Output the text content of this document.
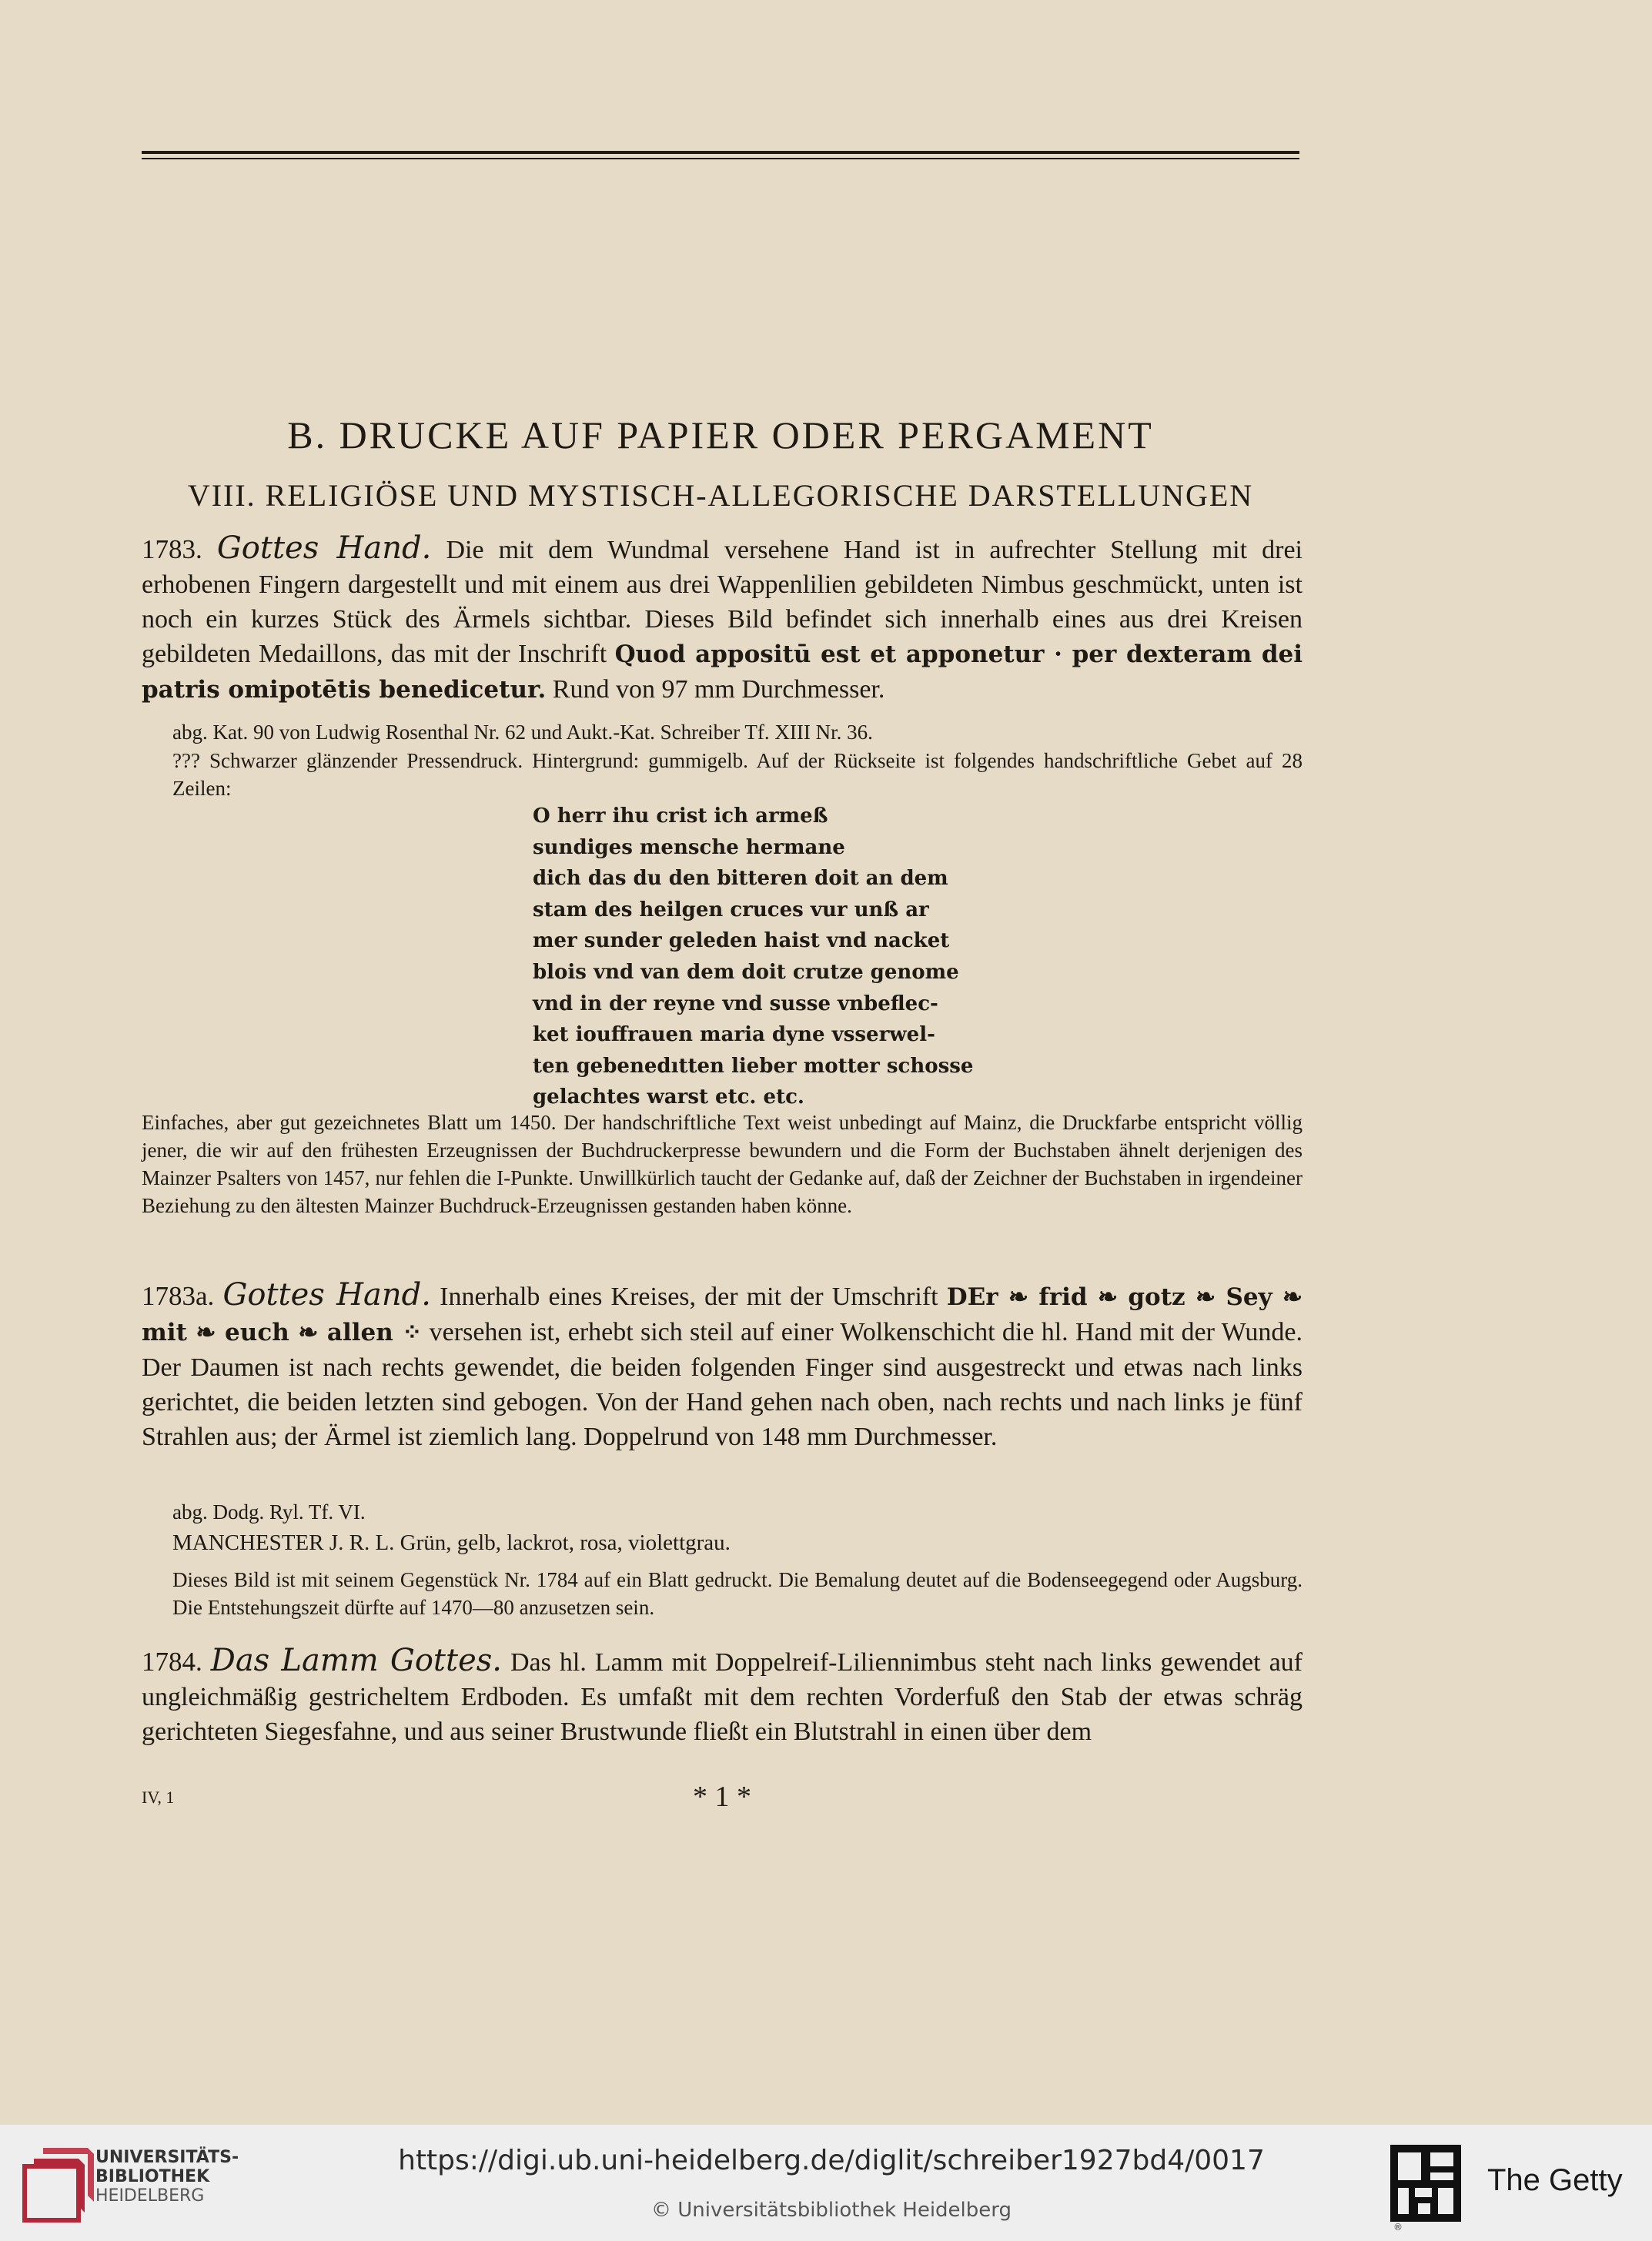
B. DRUCKE AUF PAPIER ODER PERGAMENT
VIII. RELIGIÖSE UND MYSTISCH-ALLEGORISCHE DARSTELLUNGEN
1783. Gottes Hand. Die mit dem Wundmal versehene Hand ist in aufrechter Stellung mit drei erhobenen Fingern dargestellt und mit einem aus drei Wappenlilien gebildeten Nimbus geschmückt, unten ist noch ein kurzes Stück des Ärmels sichtbar. Dieses Bild befindet sich innerhalb eines aus drei Kreisen gebildeten Medaillons, das mit der Inschrift Quod appositū est et apponetur · per dexteram dei patris omipotētis benedicetur. Rund von 97 mm Durchmesser.
abg. Kat. 90 von Ludwig Rosenthal Nr. 62 und Aukt.-Kat. Schreiber Tf. XIII Nr. 36.
??? Schwarzer glänzender Pressendruck. Hintergrund: gummigelb. Auf der Rückseite ist folgendes handschriftliche Gebet auf 28 Zeilen:
O herr ihu crist ich armeß
sundiges mensche hermane
dich das du den bitteren doit an dem
stam des heilgen cruces vur unß ar
mer sunder geleden haist vnd nacket
blois vnd van dem doit crutze genome
vnd in der reyne vnd susse vnbeflec-
ket iouffrauen maria dyne vsserwel-
ten gebenedıtten lieber motter schosse
gelachtes warst etc. etc.
Einfaches, aber gut gezeichnetes Blatt um 1450. Der handschriftliche Text weist unbedingt auf Mainz, die Druckfarbe entspricht völlig jener, die wir auf den frühesten Erzeugnissen der Buchdruckerpresse bewundern und die Form der Buchstaben ähnelt derjenigen des Mainzer Psalters von 1457, nur fehlen die I-Punkte. Unwillkürlich taucht der Gedanke auf, daß der Zeichner der Buchstaben in irgendeiner Beziehung zu den ältesten Mainzer Buchdruck-Erzeugnissen gestanden haben könne.
1783a. Gottes Hand. Innerhalb eines Kreises, der mit der Umschrift DEr ❧ frid ❧ gotz ❧ Sey ❧ mit ❧ euch ❧ allen ⁘ versehen ist, erhebt sich steil auf einer Wolkenschicht die hl. Hand mit der Wunde. Der Daumen ist nach rechts gewendet, die beiden folgenden Finger sind ausgestreckt und etwas nach links gerichtet, die beiden letzten sind gebogen. Von der Hand gehen nach oben, nach rechts und nach links je fünf Strahlen aus; der Ärmel ist ziemlich lang. Doppelrund von 148 mm Durchmesser.
abg. Dodg. Ryl. Tf. VI.
MANCHESTER J. R. L. Grün, gelb, lackrot, rosa, violettgrau.
Dieses Bild ist mit seinem Gegenstück Nr. 1784 auf ein Blatt gedruckt. Die Bemalung deutet auf die Bodenseegegend oder Augsburg. Die Entstehungszeit dürfte auf 1470—80 anzusetzen sein.
1784. Das Lamm Gottes. Das hl. Lamm mit Doppelreif-Liliennimbus steht nach links gewendet auf ungleichmäßig gestricheltem Erdboden. Es umfaßt mit dem rechten Vorderfuß den Stab der etwas schräg gerichteten Siegesfahne, und aus seiner Brustwunde fließt ein Blutstrahl in einen über dem
IV, 1	* 1 *
UNIVERSITÄTS-
BIBLIOTHEK
HEIDELBERG
https://digi.ub.uni-heidelberg.de/diglit/schreiber1927bd4/0017
© Universitätsbibliothek Heidelberg
®
The Getty
